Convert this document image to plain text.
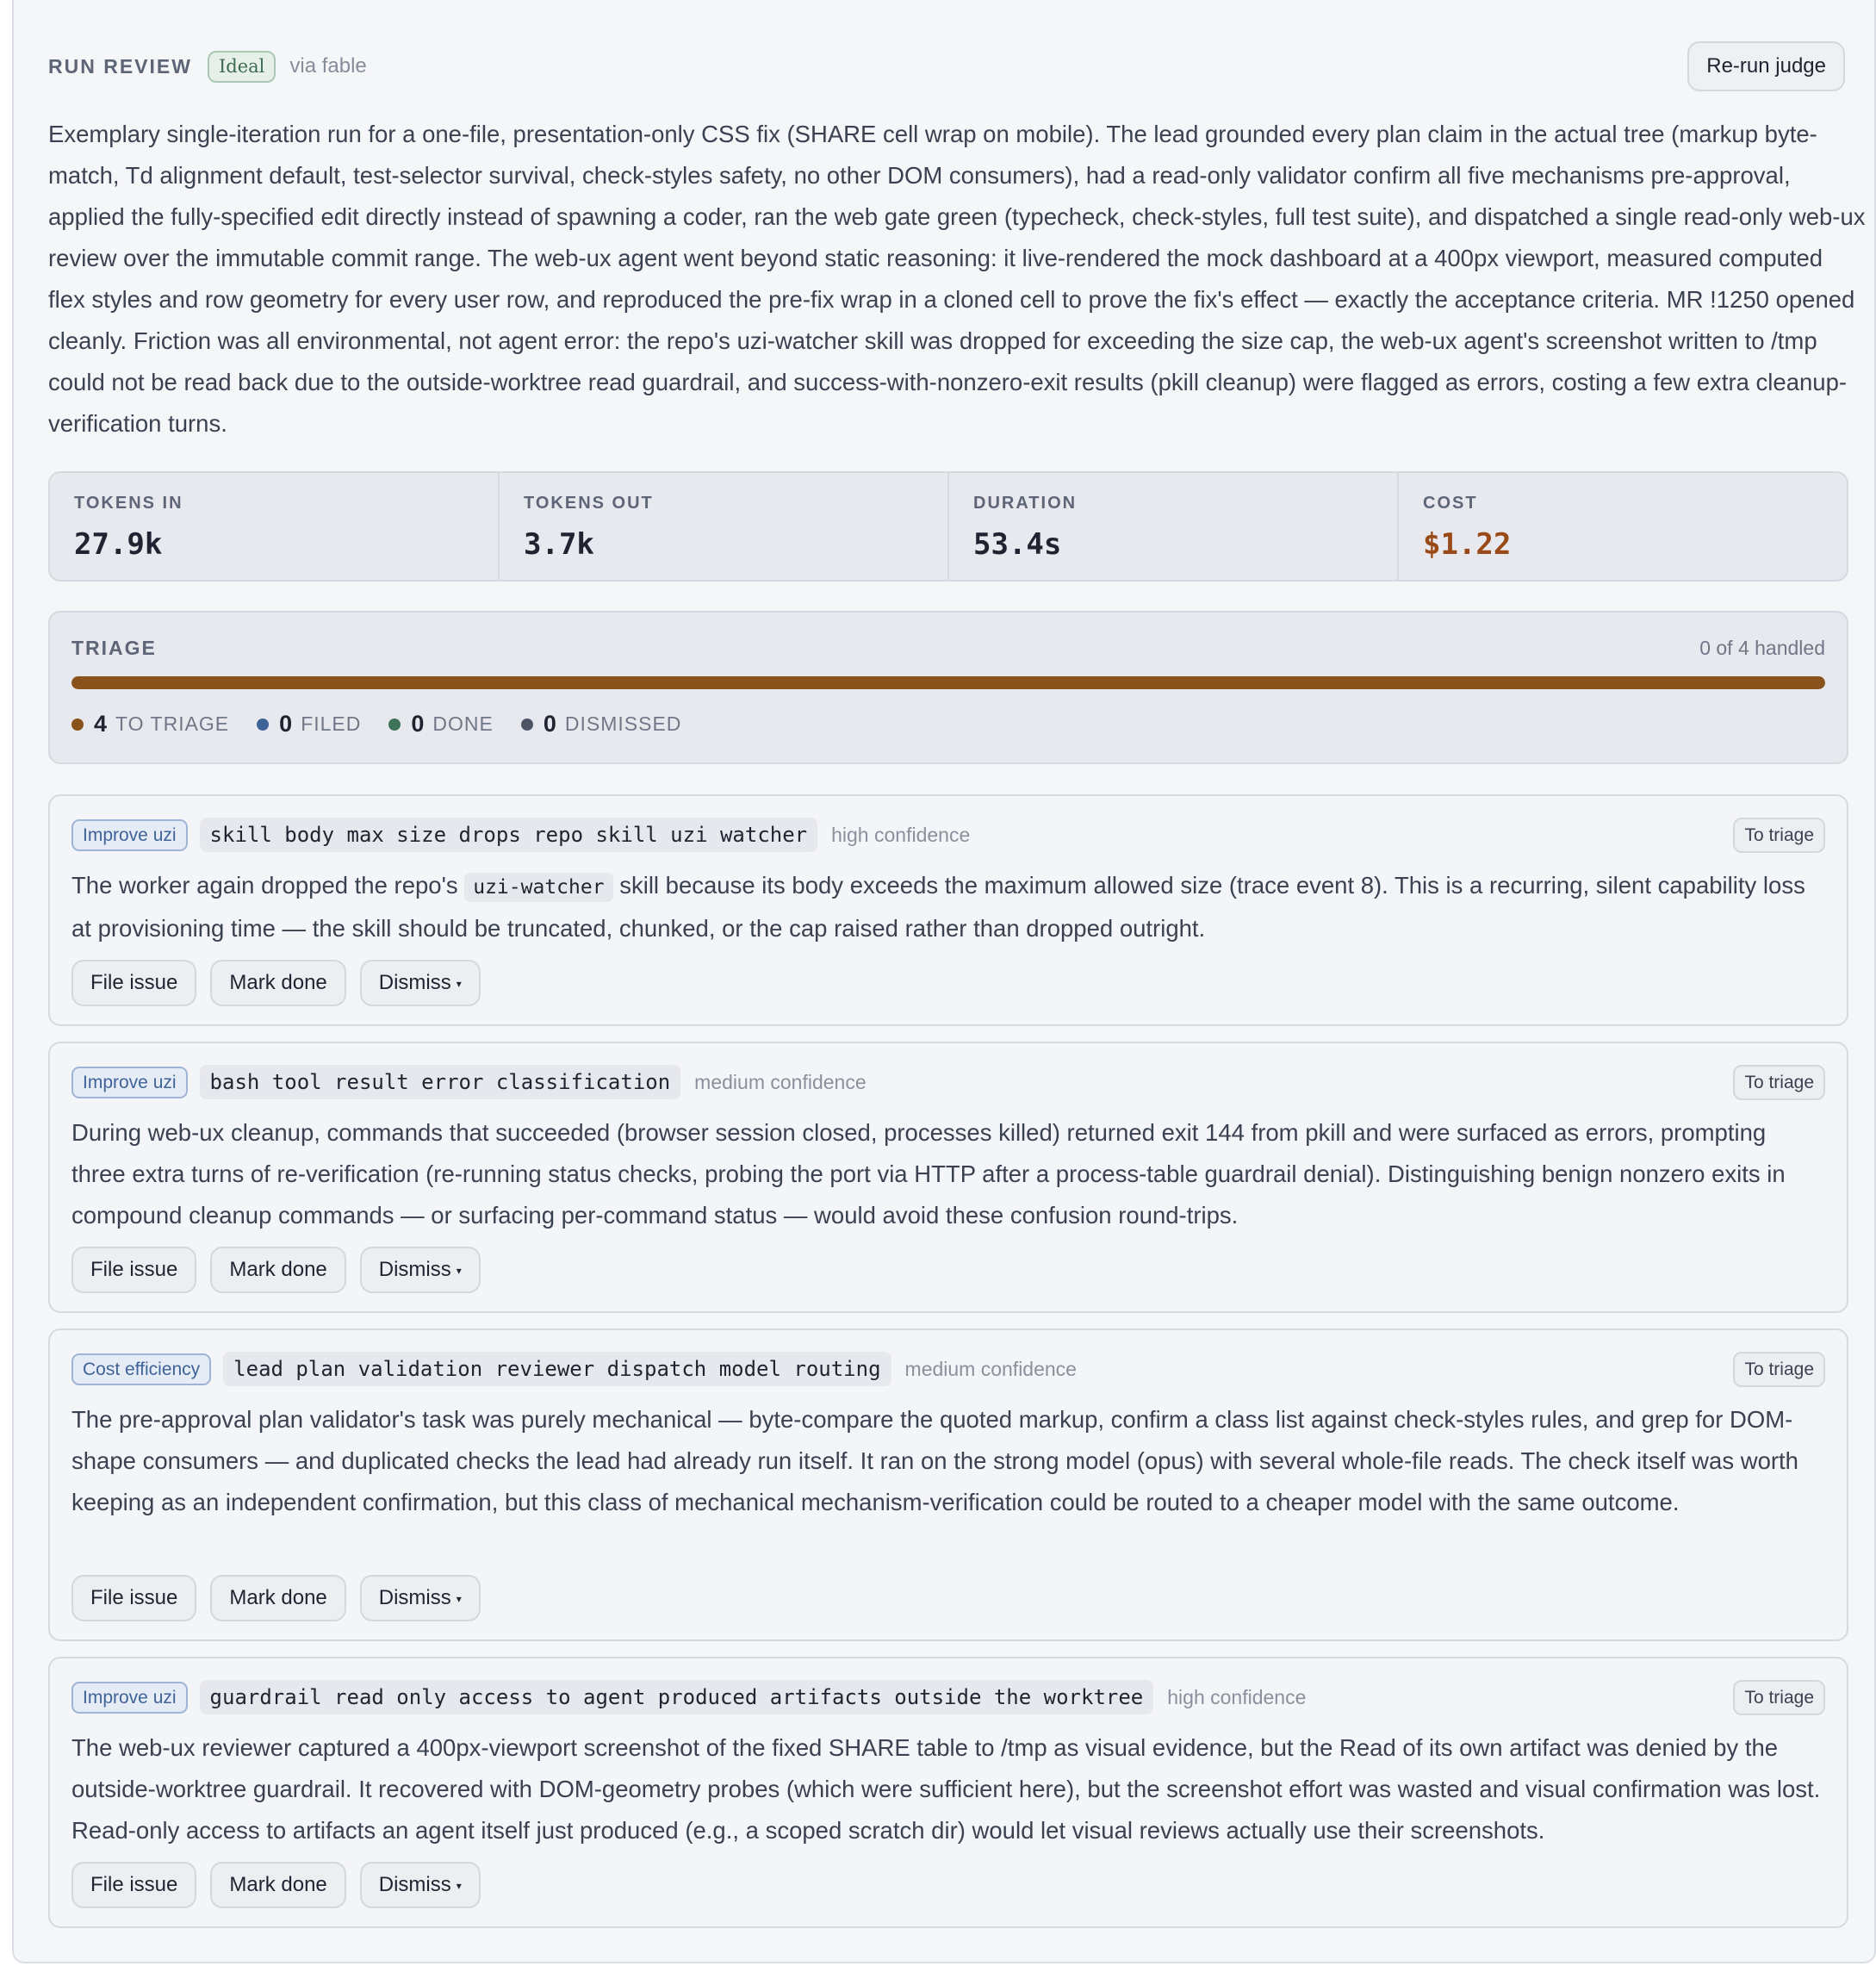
RUN REVIEW	Ideal	via fable	Re-run judge

Exemplary single-iteration run for a one-file, presentation-only CSS fix (SHARE cell wrap on mobile). The lead grounded every plan claim in the actual tree (markup byte-match, Td alignment default, test-selector survival, check-styles safety, no other DOM consumers), had a read-only validator confirm all five mechanisms pre-approval, applied the fully-specified edit directly instead of spawning a coder, ran the web gate green (typecheck, check-styles, full test suite), and dispatched a single read-only web-ux review over the immutable commit range. The web-ux agent went beyond static reasoning: it live-rendered the mock dashboard at a 400px viewport, measured computed flex styles and row geometry for every user row, and reproduced the pre-fix wrap in a cloned cell to prove the fix's effect — exactly the acceptance criteria. MR !1250 opened cleanly. Friction was all environmental, not agent error: the repo's uzi-watcher skill was dropped for exceeding the size cap, the web-ux agent's screenshot written to /tmp could not be read back due to the outside-worktree read guardrail, and success-with-nonzero-exit results (pkill cleanup) were flagged as errors, costing a few extra cleanup-verification turns.

TOKENS IN
27.9k
TOKENS OUT
3.7k
DURATION
53.4s
COST
$1.22
TRIAGE	0 of 4 handled
4 TO TRIAGE 0 FILED 0 DONE 0 DISMISSED
Improve uzi	skill body max size drops repo skill uzi watcher	high confidence	To triage

The worker again dropped the repo's uzi-watcher skill because its body exceeds the maximum allowed size (trace event 8). This is a recurring, silent capability loss at provisioning time — the skill should be truncated, chunked, or the cap raised rather than dropped outright.

File issue	Mark done	Dismiss ▾
Improve uzi	bash tool result error classification	medium confidence	To triage

During web-ux cleanup, commands that succeeded (browser session closed, processes killed) returned exit 144 from pkill and were surfaced as errors, prompting three extra turns of re-verification (re-running status checks, probing the port via HTTP after a process-table guardrail denial). Distinguishing benign nonzero exits in compound cleanup commands — or surfacing per-command status — would avoid these confusion round-trips.

File issue	Mark done	Dismiss ▾
Cost efficiency	lead plan validation reviewer dispatch model routing	medium confidence	To triage

The pre-approval plan validator's task was purely mechanical — byte-compare the quoted markup, confirm a class list against check-styles rules, and grep for DOM-shape consumers — and duplicated checks the lead had already run itself. It ran on the strong model (opus) with several whole-file reads. The check itself was worth keeping as an independent confirmation, but this class of mechanical mechanism-verification could be routed to a cheaper model with the same outcome.

File issue	Mark done	Dismiss ▾
Improve uzi	guardrail read only access to agent produced artifacts outside the worktree	high confidence	To triage

The web-ux reviewer captured a 400px-viewport screenshot of the fixed SHARE table to /tmp as visual evidence, but the Read of its own artifact was denied by the outside-worktree guardrail. It recovered with DOM-geometry probes (which were sufficient here), but the screenshot effort was wasted and visual confirmation was lost. Read-only access to artifacts an agent itself just produced (e.g., a scoped scratch dir) would let visual reviews actually use their screenshots.

File issue	Mark done	Dismiss ▾
